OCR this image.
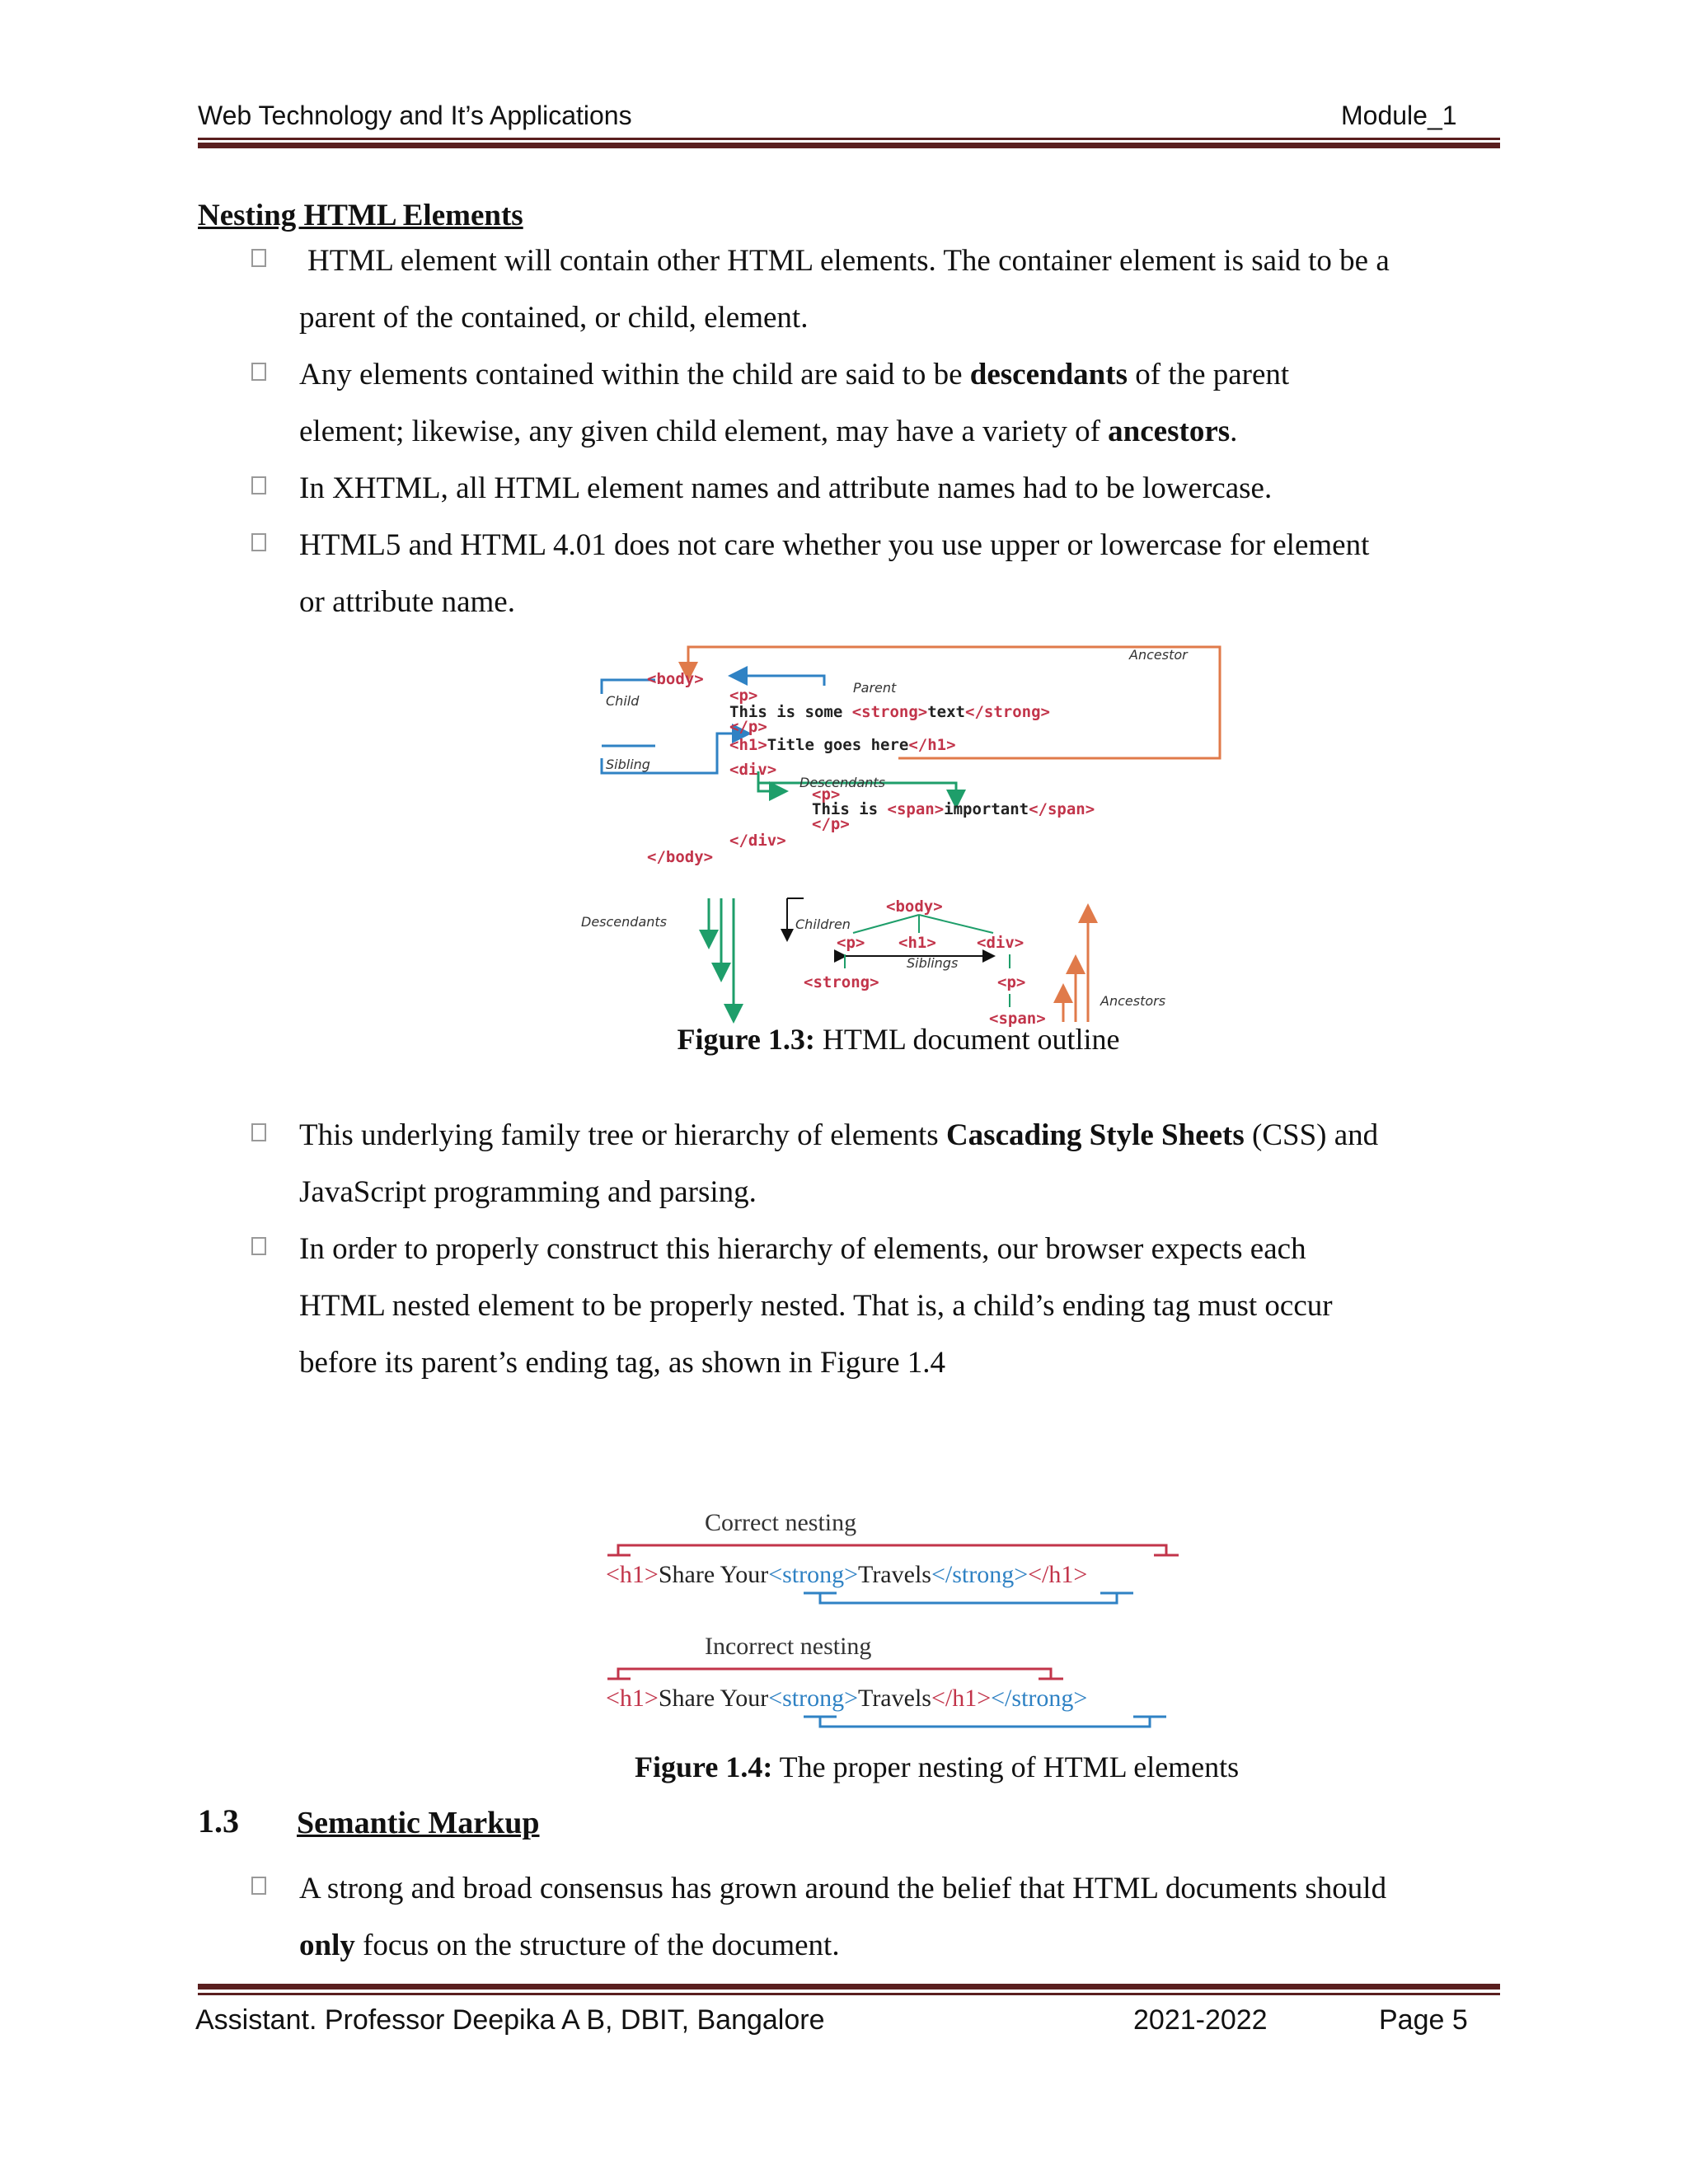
Web Technology and It’s Applications	Module_1
Nesting HTML Elements
HTML element will contain other HTML elements. The container element is said to be a
parent of the contained, or child, element.
Any elements contained within the child are said to be descendants of the parent
element; likewise, any given child element, may have a variety of ancestors.
In XHTML, all HTML element names and attribute names had to be lowercase.
HTML5 and HTML 4.01 does not care whether you use upper or lowercase for element
or attribute name.
<body>
<p>
This is some <strong>text</strong>
</p>
<h1>Title goes here</h1>
<div>
<p>
This is <span>important</span>
</p>
</div>
</body>
<body>
<p> <h1>	<div>
<strong>	<p>
<span>
Ancestor
Parent
Child
Sibling
Descendants
Descendants	Children
Siblings
Ancestors
Figure 1.3: HTML document outline
This underlying family tree or hierarchy of elements Cascading Style Sheets (CSS) and
JavaScript programming and parsing.
In order to properly construct this hierarchy of elements, our browser expects each
HTML nested element to be properly nested. That is, a child’s ending tag must occur
before its parent’s ending tag, as shown in Figure 1.4
Correct nesting
<h1>Share Your<strong>Travels</strong></h1>
Incorrect nesting
<h1>Share Your<strong>Travels</h1></strong>
Figure 1.4: The proper nesting of HTML elements
1.3 Semantic Markup
A strong and broad consensus has grown around the belief that HTML documents should
only focus on the structure of the document.
Assistant. Professor Deepika A B, DBIT, Bangalore	2021-2022	Page 5
